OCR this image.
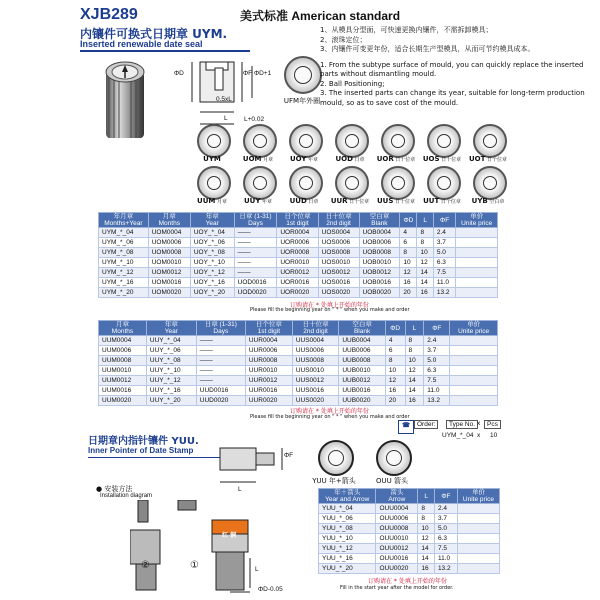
XJB289	美式标准 American standard
内镶件可换式日期章 UYM.
Inserted renewable date seal
ΦD	ΦF ΦD+1
0.5xL
L	L+0.02
UFM年外圈
1、从模具分型面，可快速更换内镶件，不需拆卸模具；
2、滚珠定位；
3、内镶件可变更年份，适合长期生产型模具，从而可节约模具成本。
1. From the subtype surface of mould, you can quickly replace the inserted parts without dismantling mould.
2. Ball Positioning;
3. The inserted parts can change its year, suitable for long-term production mould, so as to save cost of the mould.
UYM	UOM 月章	UOY 年章	UOD 日章	UOR 日十位章	UOS 日十位章	UOT 日个位章
UUM 月章	UUY 年章	UUD 日章	UUR 日十位章	UUS 日十位章	UUT 日个位章	UYB 空白章
年月章
Months+Year	月章
Months	年章
Year	日章 (1-31)
Days	日个位章
1st digit	日十位章
2nd digit	空白章
Blank	ΦD	L	ΦF	单价
Unite price
UYM_*_04	UOM0004	UOY_*_04	——	UOR0004	UOS0004	UOB0004	4	8	2.4	
UYM_*_06	UOM0006	UOY_*_06	——	UOR0006	UOS0006	UOB0006	6	8	3.7	
UYM_*_08	UOM0008	UOY_*_08	——	UOR0008	UOS0008	UOB0008	8	10	5.0	
UYM_*_10	UOM0010	UOY_*_10	——	UOR0010	UOS0010	UOB0010	10	12	6.3	
UYM_*_12	UOM0012	UOY_*_12	——	UOR0012	UOS0012	UOB0012	12	14	7.5	
UYM_*_16	UOM0016	UOY_*_16	UOD0016	UOR0016	UOS0016	UOB0016	16	14	11.0	
UYM_*_20	UOM0020	UOY_*_20	UOD0020	UOR0020	UOS0020	UOB0020	20	16	13.2	
订购请在 * 处填上开始的年份
Please fill the beginning year on " * " when you make and order
月章
Months	年章
Year	日章 (1-31)
Days	日个位章
1st digit	日十位章
2nd digit	空白章
Blank	ΦD	L	ΦF	单价
Unite price
UUM0004	UUY_*_04	——	UUR0004	UUS0004	UUB0004	4	8	2.4	
UUM0006	UUY_*_06	——	UUR0006	UUS0006	UUB0006	6	8	3.7	
UUM0008	UUY_*_08	——	UUR0008	UUS0008	UUB0008	8	10	5.0	
UUM0010	UUY_*_10	——	UUR0010	UUS0010	UUB0010	10	12	6.3	
UUM0012	UUY_*_12	——	UUR0012	UUS0012	UUB0012	12	14	7.5	
UUM0016	UUY_*_16	UUD0016	UUR0016	UUS0016	UUB0016	16	14	11.0	
UUM0020	UUY_*_20	UUD0020	UUR0020	UUS0020	UUB0020	20	16	13.2	
订购请在 * 处填上开始的年份
Please fill the beginning year on " * " when you make and order
☎	Order:	Type No. x	Pcs
UYM_*_04 x 10
日期章内指针镶件 YUU.
Inner Pointer of Date Stamp
ΦF
L
YUU 年+箭头	OUU 箭头
● 安装方法
Installation diagram
②	①
红 铜
L
ΦD-0.05
年＋箭头
Year and Arrow	箭头
Arrow	L	ΦF	单价
Unite price
YUU_*_04	OUU0004	8	2.4	
YUU_*_06	OUU0006	8	3.7	
YUU_*_08	OUU0008	10	5.0	
YUU_*_10	OUU0010	12	6.3	
YUU_*_12	OUU0012	14	7.5	
YUU_*_16	OUU0016	14	11.0	
YUU_*_20	OUU0020	16	13.2	
订购请在 * 处填上开始的年份
Fill in the start year after the model for order.
